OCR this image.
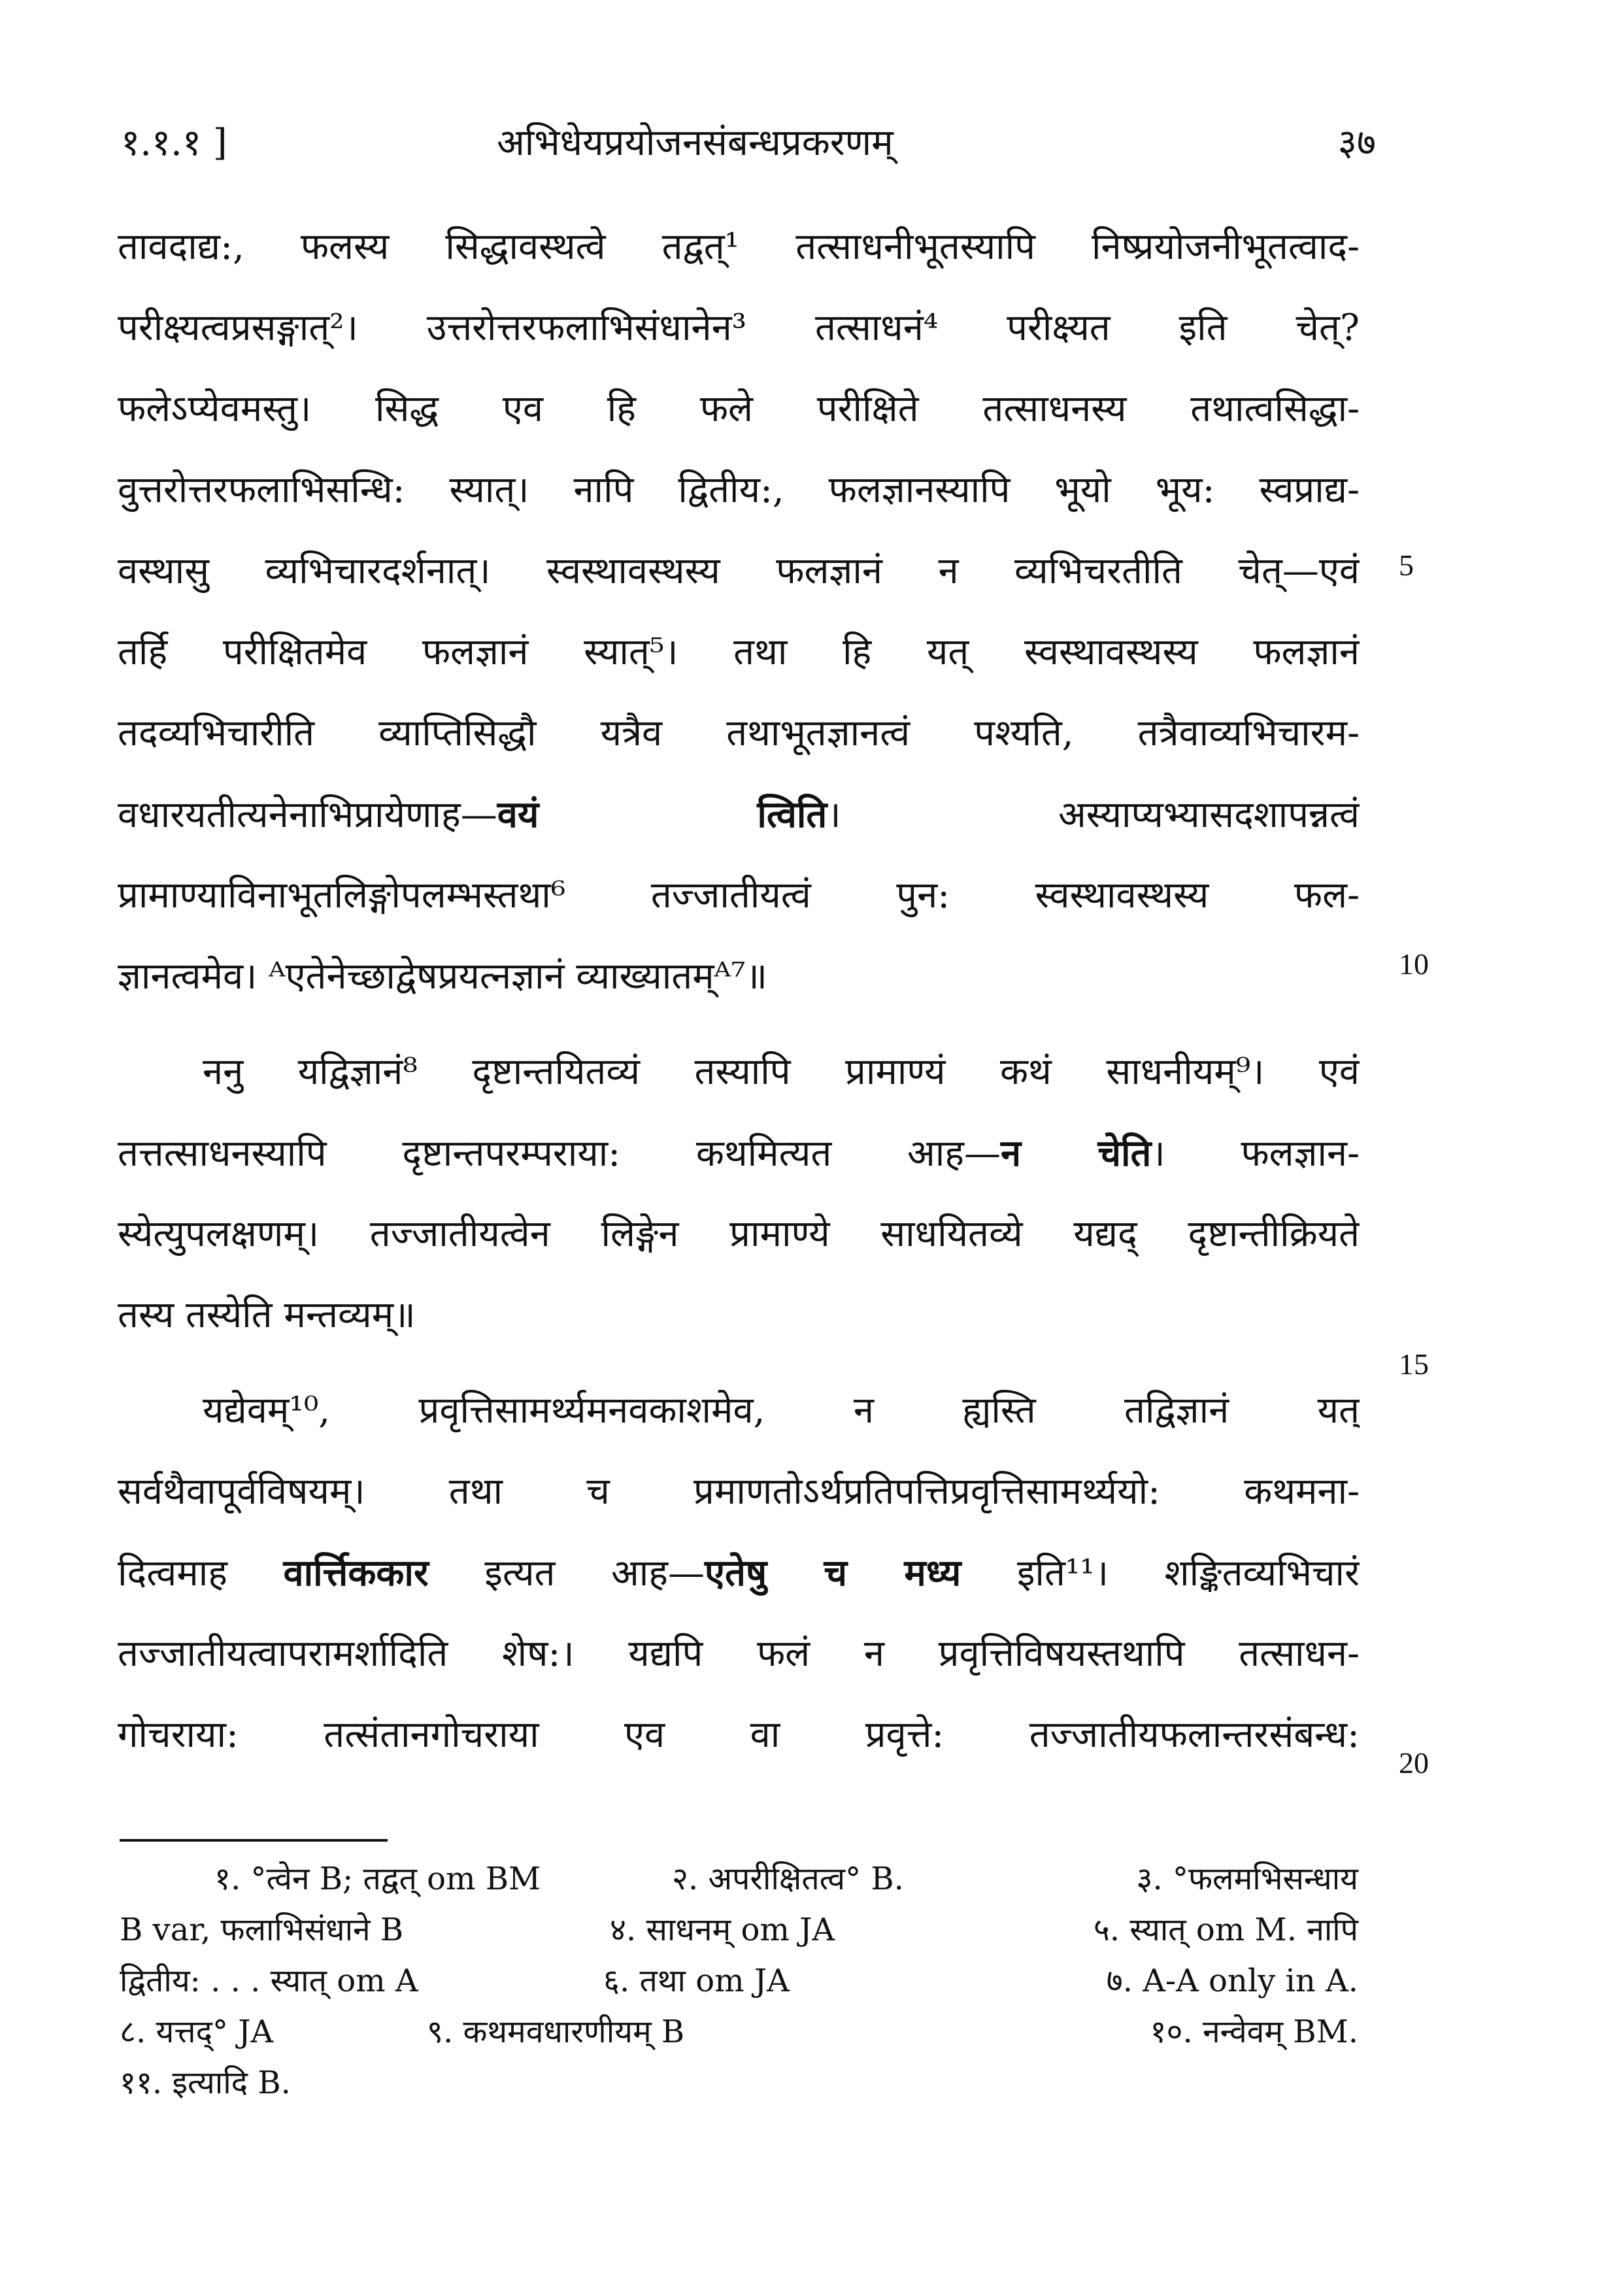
१.१.१ ]	अभिधेयप्रयोजनसंबन्धप्रकरणम्	३७
तावदाद्य:, फलस्य सिद्धावस्थत्वे तद्वत्¹ तत्साधनीभूतस्यापि निष्प्रयोजनीभूतत्वाद-
परीक्ष्यत्वप्रसङ्गात्²। उत्तरोत्तरफलाभिसंधानेन³ तत्साधनं⁴ परीक्ष्यत इति चेत्?
फलेऽप्येवमस्तु। सिद्ध एव हि फले परीक्षिते तत्साधनस्य तथात्वसिद्धा-
वुत्तरोत्तरफलाभिसन्धि: स्यात्। नापि द्वितीय:, फलज्ञानस्यापि भूयो भूय: स्वप्राद्य-
वस्थासु व्यभिचारदर्शनात्। स्वस्थावस्थस्य फलज्ञानं न व्यभिचरतीति चेत्—एवं
तर्हि परीक्षितमेव फलज्ञानं स्यात्⁵। तथा हि यत् स्वस्थावस्थस्य फलज्ञानं
तदव्यभिचारीति व्याप्तिसिद्धौ यत्रैव तथाभूतज्ञानत्वं पश्यति, तत्रैवाव्यभिचारम-
वधारयतीत्यनेनाभिप्रायेणाह—वयं त्विति। अस्याप्यभ्यासदशापन्नत्वं
प्रामाण्याविनाभूतलिङ्गोपलम्भस्तथा⁶ तज्जातीयत्वं पुन: स्वस्थावस्थस्य फल-
ज्ञानत्वमेव। ᴬएतेनेच्छाद्वेषप्रयत्नज्ञानं व्याख्यातम्ᴬ⁷॥
ननु यद्विज्ञानं⁸ दृष्टान्तयितव्यं तस्यापि प्रामाण्यं कथं साधनीयम्⁹। एवं
तत्तत्साधनस्यापि दृष्टान्तपरम्पराया: कथमित्यत आह—न चेति। फलज्ञान-
स्येत्युपलक्षणम्। तज्जातीयत्वेन लिङ्गेन प्रामाण्ये साधयितव्ये यद्यद् दृष्टान्तीक्रियते
तस्य तस्येति मन्तव्यम्॥
यद्येवम्¹⁰, प्रवृत्तिसामर्थ्यमनवकाशमेव, न ह्यस्ति तद्विज्ञानं यत्
सर्वथैवापूर्वविषयम्। तथा च प्रमाणतोऽर्थप्रतिपत्तिप्रवृत्तिसामर्थ्ययो: कथमना-
दित्वमाह वार्त्तिककार इत्यत आह—एतेषु च मध्य इति¹¹। शङ्कितव्यभिचारं
तज्जातीयत्वापरामर्शादिति शेष:। यद्यपि फलं न प्रवृत्तिविषयस्तथापि तत्साधन-
गोचराया: तत्संतानगोचराया एव वा प्रवृत्ते: तज्जातीयफलान्तरसंबन्ध:
5
10
15
20
१. °त्वेन B; तद्वत् om BM	२. अपरीक्षितत्व° B.	३. °फलमभिसन्धाय
B var, फलाभिसंधाने B	४. साधनम् om JA	५. स्यात् om M. नापि
द्वितीय: . . . स्यात् om A	६. तथा om JA	७. A-A only in A.
८. यत्तद्° JA	९. कथमवधारणीयम् B	१०. नन्वेवम् BM.
११. इत्यादि B.
